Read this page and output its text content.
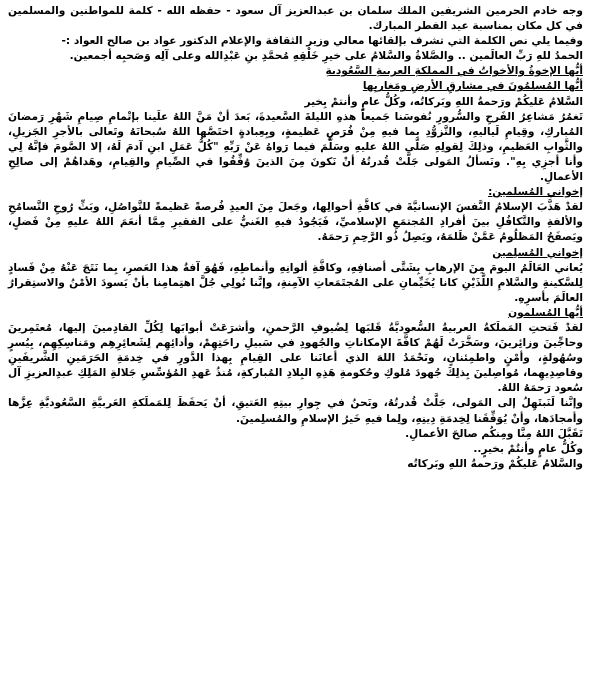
وجه خادم الحرمين الشريفين الملك سلمان بن عبدالعزيز آل سعود - حفظه الله - كلمة للمواطنين والمسلمين في كل مكان بمناسبة عيد الفطر المبارك.

وفيما يلي نص الكلمة التي تشرف بإلقائها معالي وزير الثقافة والإعلام الدكتور عواد بن صالح العواد :-

الحمدُ للهِ رَبِّ العالَمين .. والصَّلاةُ والسَّلامُ على خيرِ خَلْقِهِ مُحمَّدِ بنِ عَبْدِالله وعلى آلِه وَصَحبِه أجمعين.

أيُّها الإخوةُ والأخواتُ في المملكةِ العربيةِ السَّعُوديةِ

أيُّها المُسلِمُونَ في مشارقِ الأرضِ ومَغاربِها

السَّلامُ عَليكُمْ ورَحمةُ اللهِ وبَركاتُه، وكُلُّ عامٍ وأنتمْ بِخير

تَغمُرُ مَشاعِرُ الفَرحِ والسُّرورِ نُفوسَنا جَميعاً هذهِ الليلةَ السَّعيدةَ، بَعدَ أنْ مَنَّ اللهُ علَينا بإتْمامِ صِيامِ شَهْرِ رَمضانَ المُباركِ، وقِيامِ لَياليهِ، والتَّزوُّدِ بما فيهِ مِنْ فُرَصٍ عَظيمةٍ، وبِعِبادةٍ اختَصَّها اللهُ سُبحانَهُ وتَعالى بالأجرِ الجَزيلِ، والثَّوابِ العَظيمِ، وذلِكَ لِقولِهِ صَلَّى اللهُ عليهِ وسَلَّمَ فيما رَواهُ عَنْ رَبِّهِ "كُلُّ عَمَلِ ابنِ آدمَ لَهُ، إلا الصَّومَ فإنَّهُ لِي وأنا أجزِي بِهِ". ونَسألُ المَولى جَلَّتْ قُدرتُهُ أنْ نَكونَ مِنَ الذينَ وُفِّقُوا في الصِّيامِ والقِيامِ، وهَداهُمْ إلى صالِحِ الأعمالِ.

إخواني المُسلمين:

لقدْ هَذَّبَ الإسلامُ النَّفسَ الإنسانيَّةَ في كافَّةِ أحوالِها، وجَعلَ مِنَ العيدِ فُرصةً عَظيمةً للتَّواصُلِ، وبَثِّ رُوحِ التَّسامُحِ والألفةِ والتَّكافُلِ بينَ أفرادِ المُجتمَعِ الإسلاميِّ، فَيَجُودُ فيهِ الغَنيُّ على الفقيرِ مِمَّا أنعَمَ اللهُ عليهِ مِنْ فَضلٍ، ويَصفَحُ المَظلُومُ عَمَّنْ ظَلمَهُ، ويَصِلُ ذُو الرَّحِمِ رَحمَهُ.

إخواني المُسلِمين

يُعاني العَالَمُ اليومَ مِنَ الإرهابِ بِشَتَّى أصنافِهِ، وكافَّةِ ألوانِهِ وأنماطِهِ، فَهُوَ آفةُ هذا العَصرِ، بِما نَتَجَ عَنْهُ مِنْ فَسادٍ لِلسَّكينةِ والسَّلامِ اللَّذَيْنِ كانا يُخَيِّمانِ على المُجتَمَعاتِ الآمِنةِ، وإنَّنا نُولِي جُلَّ اهتِمامِنا بأنْ يَسودَ الأمْنُ والاستِقرارُ العالَمَ بأسرِهِ.

أيُّها المُسلمون

لقدْ فَتحتِ المَملَكةُ العربيةُ السُّعوديَّةُ قَلبَها لِضُيوفِ الرَّحمنِ، وأشرَعَتْ أبوابَها لِكُلِّ القادِمينَ إليها، مُعتَمِرينَ وحاجِّينَ وزائِرينَ، وسَخَّرَتْ لَهُمْ كافَّةَ الإمكاناتِ والجُهودِ في سَبيلِ راحَتِهِمْ، وأدائِهِم لِشَعائِرِهِم ومَناسِكِهِم، بِيُسرٍ وسُهُولةٍ، وأمْنٍ واطمِئنانٍ، ونَحْمَدُ اللهَ الذي أعانَنا على القِيامِ بِهذا الدَّورِ في خِدمَةِ الحَرَمَينِ الشَّريفَينِ وقاصِدِيهِما، مُواصِلينَ بِذلِكَ جُهودَ مُلوكِ وحُكومةِ هَذِهِ البِلادِ المُباركةِ، مُنذُ عَهدِ المُؤسِّسِ جَلالةِ المَلِكِ عبدِالعزيزِ آل سُعود رَحمَهُ اللهُ.

وإنَّنا لَنَبتَهِلُ إلى المَولى، جَلَّتْ قُدرتُهُ، ونَحنُ في جِوارِ بيتِهِ العَتيقِ، أنْ يَحفَظَ لِلمَملَكةِ العَربيَّةِ السَّعُوديَّةِ عِزَّها وأمجادَها، وأنْ يُوَفِّقَنا لِخِدمَةِ دِينِهِ، ولِما فيهِ خَيرُ الإسلامِ والمُسلِمينَ.

تَقَبَّلَ اللهُ مِنَّا ومِنكُم صالحَ الأعمالِ.

وكُلُّ عامٍ وأنتُمْ بخيرٍ..

والسَّلامُ عَليكُمْ ورَحمةُ اللهِ وبَركاتُه
